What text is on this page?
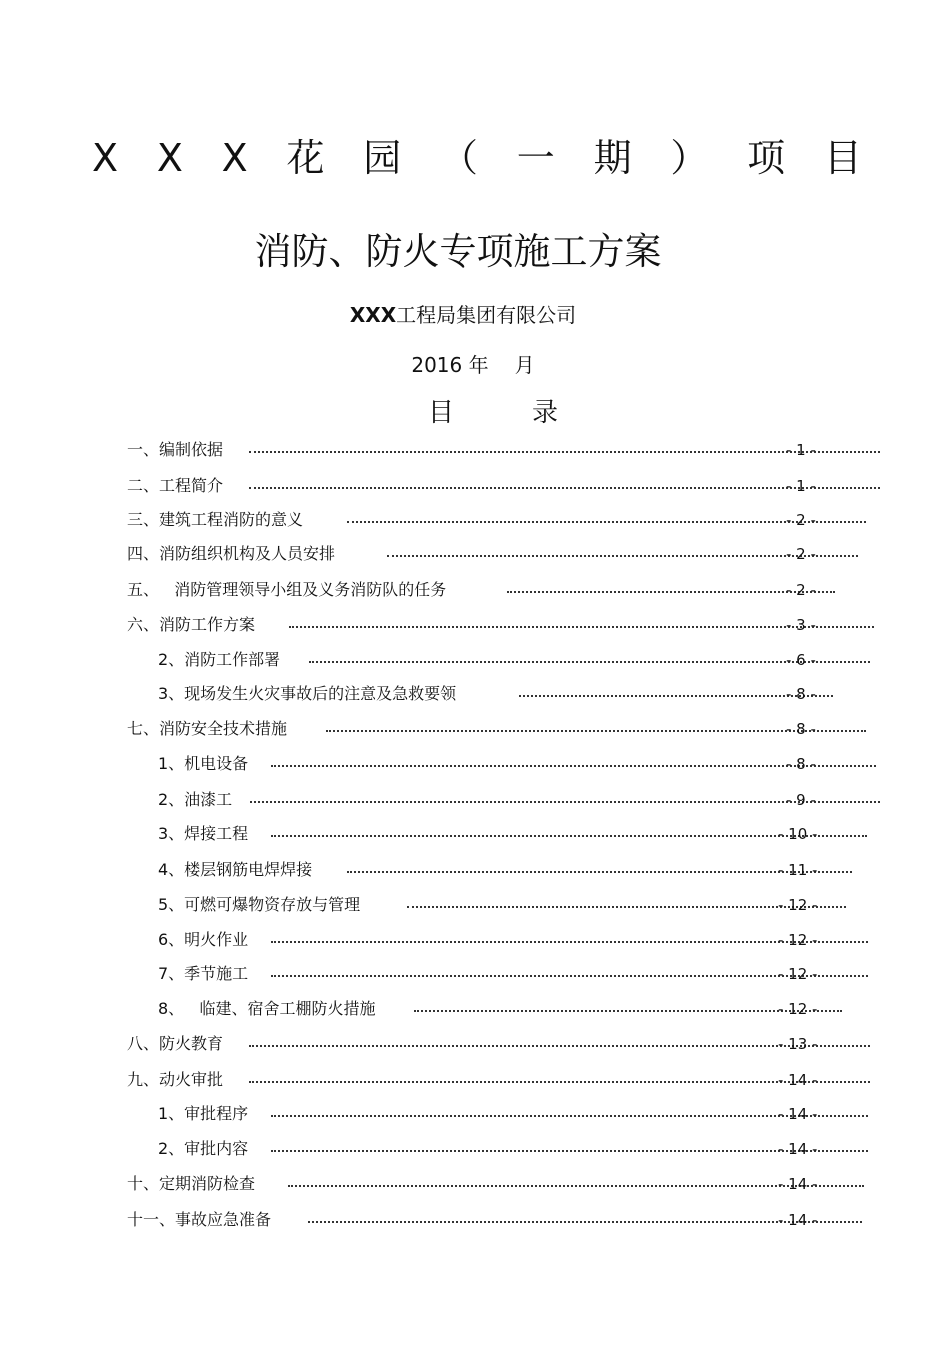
X X X 花 园 （ 一 期 ） 项 目
消防、防火专项施工方案
XXX工程局集团有限公司
2016 年 月
目	录
一、编制依据	- 1 -
二、工程简介	- 1 -
三、建筑工程消防的意义	- 2 -
四、消防组织机构及人员安排	- 2 -
五、   消防管理领导小组及义务消防队的任务	- 2 -
六、消防工作方案	- 3 -
2、消防工作部署	- 6 -
3、现场发生火灾事故后的注意及急救要领	- 8 -
七、消防安全技术措施	- 8 -
1、机电设备	- 8 -
2、油漆工	- 9 -
3、焊接工程	- 10 -
4、楼层钢筋电焊焊接	- 11 -
5、可燃可爆物资存放与管理	- 12 -
6、明火作业	- 12 -
7、季节施工	- 12 -
8、   临建、宿舍工棚防火措施	- 12 -
八、防火教育	- 13 -
九、动火审批	- 14 -
1、审批程序	- 14 -
2、审批内容	- 14 -
十、定期消防检查	- 14 -
十一、事故应急准备	- 14 -
